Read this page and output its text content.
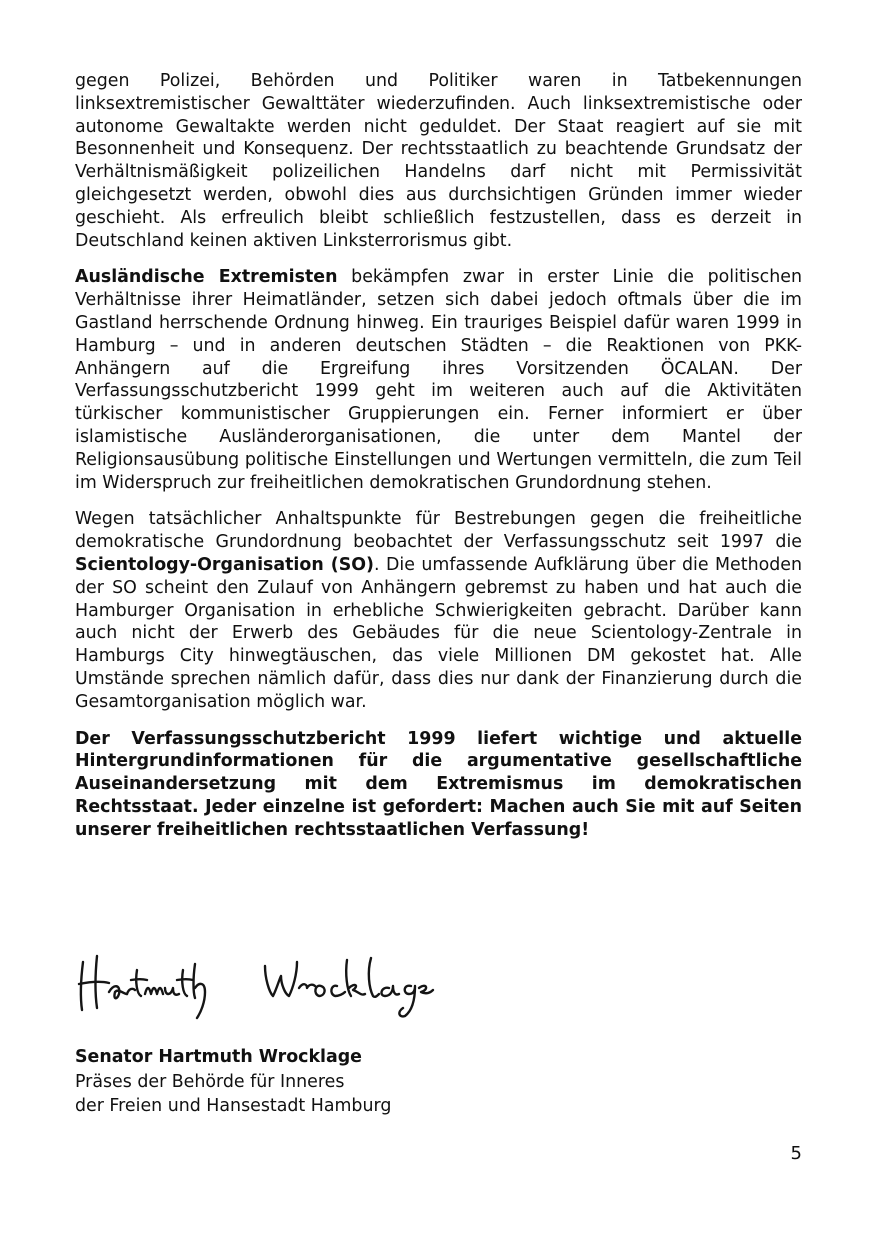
gegen Polizei, Behörden und Politiker waren in Tatbekennungen linksextremistischer Gewalttäter wiederzufinden. Auch linksextremistische oder autonome Gewaltakte werden nicht geduldet. Der Staat reagiert auf sie mit Besonnenheit und Konsequenz. Der rechtsstaatlich zu beachtende Grundsatz der Verhältnismäßigkeit polizeilichen Handelns darf nicht mit Permissivität gleichgesetzt werden, obwohl dies aus durchsichtigen Gründen immer wieder geschieht. Als erfreulich bleibt schließlich festzustellen, dass es derzeit in Deutschland keinen aktiven Linksterrorismus gibt.

Ausländische Extremisten bekämpfen zwar in erster Linie die politischen Verhältnisse ihrer Heimatländer, setzen sich dabei jedoch oftmals über die im Gastland herrschende Ordnung hinweg. Ein trauriges Beispiel dafür waren 1999 in Hamburg – und in anderen deutschen Städten – die Reaktionen von PKK-Anhängern auf die Ergreifung ihres Vorsitzenden ÖCALAN. Der Verfassungsschutzbericht 1999 geht im weiteren auch auf die Aktivitäten türkischer kommunistischer Gruppierungen ein. Ferner informiert er über islamistische Ausländerorganisationen, die unter dem Mantel der Religionsausübung politische Einstellungen und Wertungen vermitteln, die zum Teil im Widerspruch zur freiheitlichen demokratischen Grundordnung stehen.

Wegen tatsächlicher Anhaltspunkte für Bestrebungen gegen die freiheitliche demokratische Grundordnung beobachtet der Verfassungsschutz seit 1997 die Scientology-Organisation (SO). Die umfassende Aufklärung über die Methoden der SO scheint den Zulauf von Anhängern gebremst zu haben und hat auch die Hamburger Organisation in erhebliche Schwierigkeiten gebracht. Darüber kann auch nicht der Erwerb des Gebäudes für die neue Scientology-Zentrale in Hamburgs City hinwegtäuschen, das viele Millionen DM gekostet hat. Alle Umstände sprechen nämlich dafür, dass dies nur dank der Finanzierung durch die Gesamtorganisation möglich war.

Der Verfassungsschutzbericht 1999 liefert wichtige und aktuelle Hintergrundinformationen für die argumentative gesellschaftliche Auseinandersetzung mit dem Extremismus im demokratischen Rechtsstaat. Jeder einzelne ist gefordert: Machen auch Sie mit auf Seiten unserer freiheitlichen rechtsstaatlichen Verfassung!

Senator Hartmuth Wrocklage
Präses der Behörde für Inneres
der Freien und Hansestadt Hamburg
5
